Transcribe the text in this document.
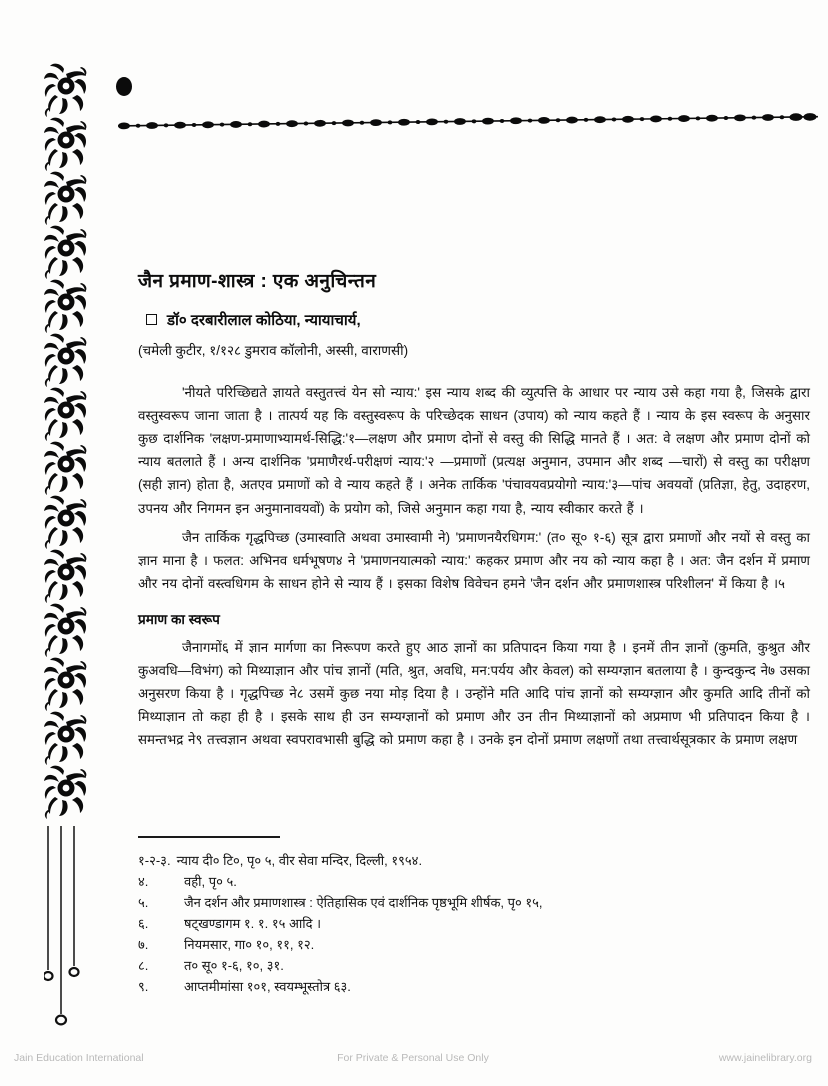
जैन प्रमाण-शास्त्र : एक अनुचिन्तन
डॉ० दरबारीलाल कोठिया, न्यायाचार्य,
(चमेली कुटीर, १/१२८ डुमराव कॉलोनी, अस्सी, वाराणसी)

'नीयते परिच्छिद्यते ज्ञायते वस्तुतत्त्वं येन सो न्याय:' इस न्याय शब्द की व्युत्पत्ति के आधार पर न्याय उसे कहा गया है, जिसके द्वारा वस्तुस्वरूप जाना जाता है । तात्पर्य यह कि वस्तुस्वरूप के परिच्छेदक साधन (उपाय) को न्याय कहते हैं । न्याय के इस स्वरूप के अनुसार कुछ दार्शनिक 'लक्षण-प्रमाणाभ्यामर्थ-सिद्धि:'१—लक्षण और प्रमाण दोनों से वस्तु की सिद्धि मानते हैं । अत: वे लक्षण और प्रमाण दोनों को न्याय बतलाते हैं । अन्य दार्शनिक 'प्रमाणैरर्थ-परीक्षणं न्याय:'२ —प्रमाणों (प्रत्यक्ष अनुमान, उपमान और शब्द —चारों) से वस्तु का परीक्षण (सही ज्ञान) होता है, अतएव प्रमाणों को वे न्याय कहते हैं । अनेक तार्किक 'पंचावयवप्रयोगो न्याय:'३—पांच अवयवों (प्रतिज्ञा, हेतु, उदाहरण, उपनय और निगमन इन अनुमानावयवों) के प्रयोग को, जिसे अनुमान कहा गया है, न्याय स्वीकार करते हैं ।

जैन तार्किक गृद्धपिच्छ (उमास्वाति अथवा उमास्वामी ने) 'प्रमाणनयैरधिगम:' (त० सू० १-६) सूत्र द्वारा प्रमाणों और नयों से वस्तु का ज्ञान माना है । फलत: अभिनव धर्मभूषण४ ने 'प्रमाणनयात्मको न्याय:' कहकर प्रमाण और नय को न्याय कहा है । अत: जैन दर्शन में प्रमाण और नय दोनों वस्त्वधिगम के साधन होने से न्याय हैं । इसका विशेष विवेचन हमने 'जैन दर्शन और प्रमाणशास्त्र परिशीलन' में किया है ।५

प्रमाण का स्वरूप

जैनागमों६ में ज्ञान मार्गणा का निरूपण करते हुए आठ ज्ञानों का प्रतिपादन किया गया है । इनमें तीन ज्ञानों (कुमति, कुश्रुत और कुअवधि—विभंग) को मिथ्याज्ञान और पांच ज्ञानों (मति, श्रुत, अवधि, मन:पर्यय और केवल) को सम्यग्ज्ञान बतलाया है । कुन्दकुन्द ने७ उसका अनुसरण किया है । गृद्धपिच्छ ने८ उसमें कुछ नया मोड़ दिया है । उन्होंने मति आदि पांच ज्ञानों को सम्यग्ज्ञान और कुमति आदि तीनों को मिथ्याज्ञान तो कहा ही है । इसके साथ ही उन सम्यग्ज्ञानों को प्रमाण और उन तीन मिथ्याज्ञानों को अप्रमाण भी प्रतिपादन किया है । समन्तभद्र ने९ तत्त्वज्ञान अथवा स्वपरावभासी बुद्धि को प्रमाण कहा है । उनके इन दोनों प्रमाण लक्षणों तथा तत्त्वार्थसूत्रकार के प्रमाण लक्षण

१-२-३. न्याय दी० टि०, पृ० ५, वीर सेवा मन्दिर, दिल्ली, १९५४.
४.	वही, पृ० ५.
५.	जैन दर्शन और प्रमाणशास्त्र : ऐतिहासिक एवं दार्शनिक पृष्ठभूमि शीर्षक, पृ० १५,
६.	षट्खण्डागम १. १. १५ आदि ।
७.	नियमसार, गा० १०, ११, १२.
८.	त० सू० १-६, १०, ३१.
९.	आप्तमीमांसा १०१, स्वयम्भूस्तोत्र ६३.
Jain Education International	For Private & Personal Use Only	www.jainelibrary.org
